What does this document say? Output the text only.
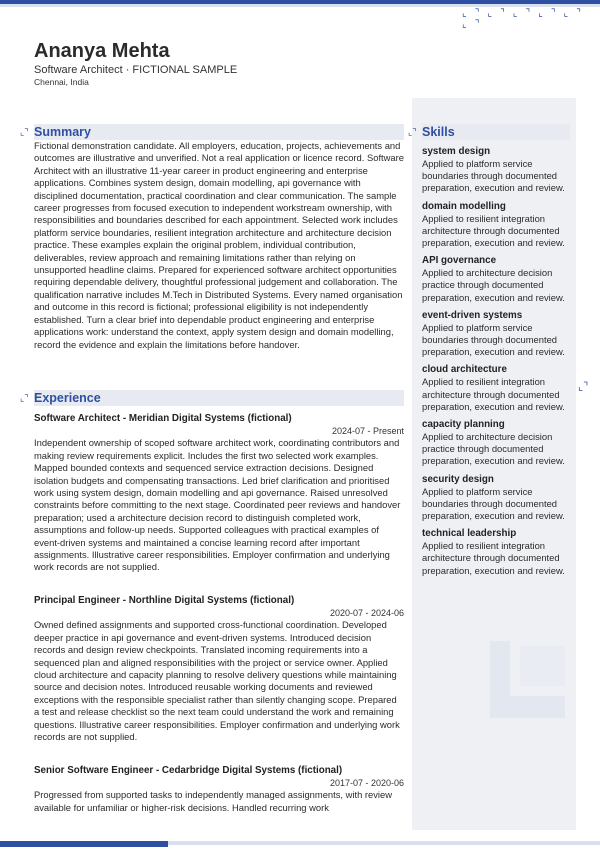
⌞⌝⌞⌝⌞⌝⌞⌝⌞⌝⌞⌝
Ananya Mehta
Software Architect · FICTIONAL SAMPLE
Chennai, India
⌞⌝
⌞⌝ Summary
Fictional demonstration candidate. All employers, education, projects, achievements and outcomes are illustrative and unverified. Not a real application or licence record. Software Architect with an illustrative 11-year career in product engineering and enterprise applications. Combines system design, domain modelling, api governance with disciplined documentation, practical coordination and clear communication. The sample career progresses from focused execution to independent workstream ownership, with responsibilities and boundaries described for each appointment. Selected work includes platform service boundaries, resilient integration architecture and architecture decision practice. These examples explain the original problem, individual contribution, deliverables, review approach and remaining limitations rather than relying on unsupported headline claims. Prepared for experienced software architect opportunities requiring dependable delivery, thoughtful professional judgement and collaboration. The qualification narrative includes M.Tech in Distributed Systems. Every named organisation and outcome in this record is fictional; professional eligibility is not independently established. Turn a clear brief into dependable product engineering and enterprise applications work: understand the context, apply system design and domain modelling, record the evidence and explain the limitations before handover.
⌞⌝ Experience
Software Architect - Meridian Digital Systems (fictional)
2024-07 - Present
Independent ownership of scoped software architect work, coordinating contributors and making review requirements explicit. Includes the first two selected work examples. Mapped bounded contexts and sequenced service extraction decisions. Designed isolation budgets and compensating transactions. Led brief clarification and prioritised work using system design, domain modelling and api governance. Raised unresolved constraints before committing to the next stage. Coordinated peer reviews and handover preparation; used a architecture decision record to distinguish completed work, assumptions and follow-up needs. Supported colleagues with practical examples of event-driven systems and maintained a concise learning record after important assignments. Illustrative career responsibilities. Employer confirmation and underlying work records are not supplied.
Principal Engineer - Northline Digital Systems (fictional)
2020-07 - 2024-06
Owned defined assignments and supported cross-functional coordination. Developed deeper practice in api governance and event-driven systems. Introduced decision records and design review checkpoints. Translated incoming requirements into a sequenced plan and aligned responsibilities with the project or service owner. Applied cloud architecture and capacity planning to resolve delivery questions while maintaining source and decision notes. Introduced reusable working documents and reviewed exceptions with the responsible specialist rather than silently changing scope. Prepared a test and release checklist so the next team could understand the work and remaining questions. Illustrative career responsibilities. Employer confirmation and underlying work records are not supplied.
Senior Software Engineer - Cedarbridge Digital Systems (fictional)
2017-07 - 2020-06
Progressed from supported tasks to independently managed assignments, with review available for unfamiliar or higher-risk decisions. Handled recurring work
⌞⌝ Skills
system design
Applied to platform service boundaries through documented preparation, execution and review.
domain modelling
Applied to resilient integration architecture through documented preparation, execution and review.
API governance
Applied to architecture decision practice through documented preparation, execution and review.
event-driven systems
Applied to platform service boundaries through documented preparation, execution and review.
cloud architecture
Applied to resilient integration architecture through documented preparation, execution and review.
capacity planning
Applied to architecture decision practice through documented preparation, execution and review.
security design
Applied to platform service boundaries through documented preparation, execution and review.
technical leadership
Applied to resilient integration architecture through documented preparation, execution and review.
